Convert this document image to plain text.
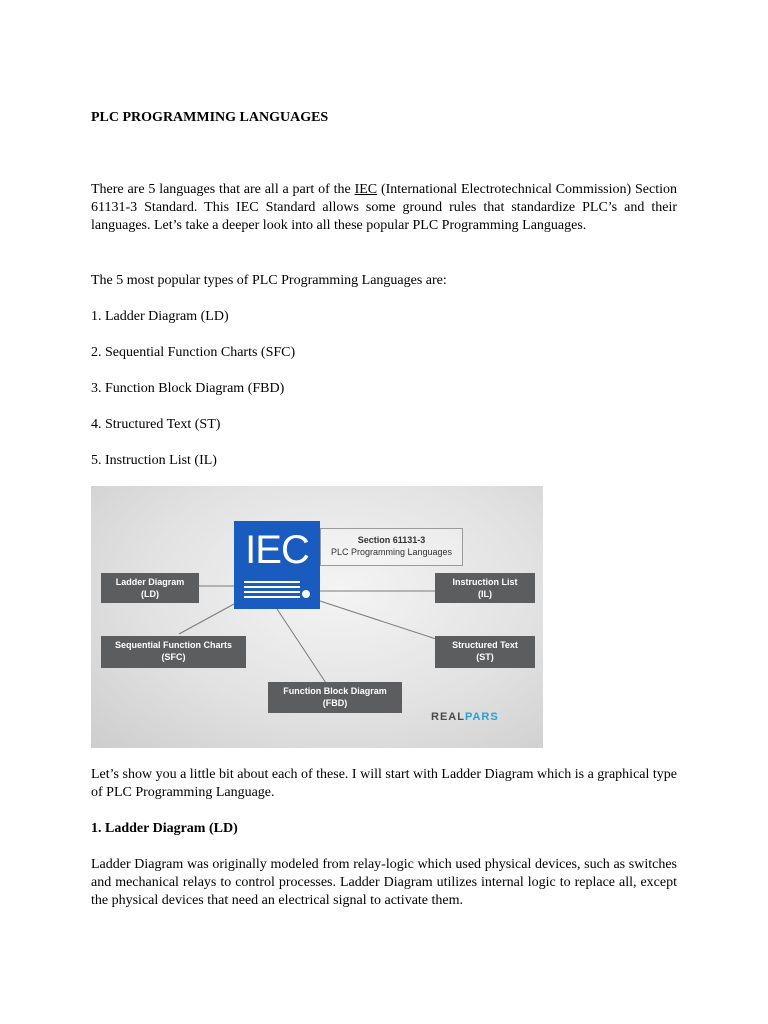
PLC PROGRAMMING LANGUAGES

There are 5 languages that are all a part of the IEC (International Electrotechnical Commission) Section 61131-3 Standard. This IEC Standard allows some ground rules that standardize PLC’s and their languages. Let’s take a deeper look into all these popular PLC Programming Languages.

The 5 most popular types of PLC Programming Languages are:

1. Ladder Diagram (LD)

2. Sequential Function Charts (SFC)

3. Function Block Diagram (FBD)

4. Structured Text (ST)

5. Instruction List (IL)

IEC	Section 61131-3
PLC Programming Languages
Ladder Diagram
(LD)
Instruction List
(IL)
Sequential Function Charts
(SFC)
Structured Text
(ST)
Function Block Diagram
(FBD)
REALPARS

Let’s show you a little bit about each of these. I will start with Ladder Diagram which is a graphical type of PLC Programming Language.

1. Ladder Diagram (LD)

Ladder Diagram was originally modeled from relay-logic which used physical devices, such as switches and mechanical relays to control processes. Ladder Diagram utilizes internal logic to replace all, except the physical devices that need an electrical signal to activate them.
